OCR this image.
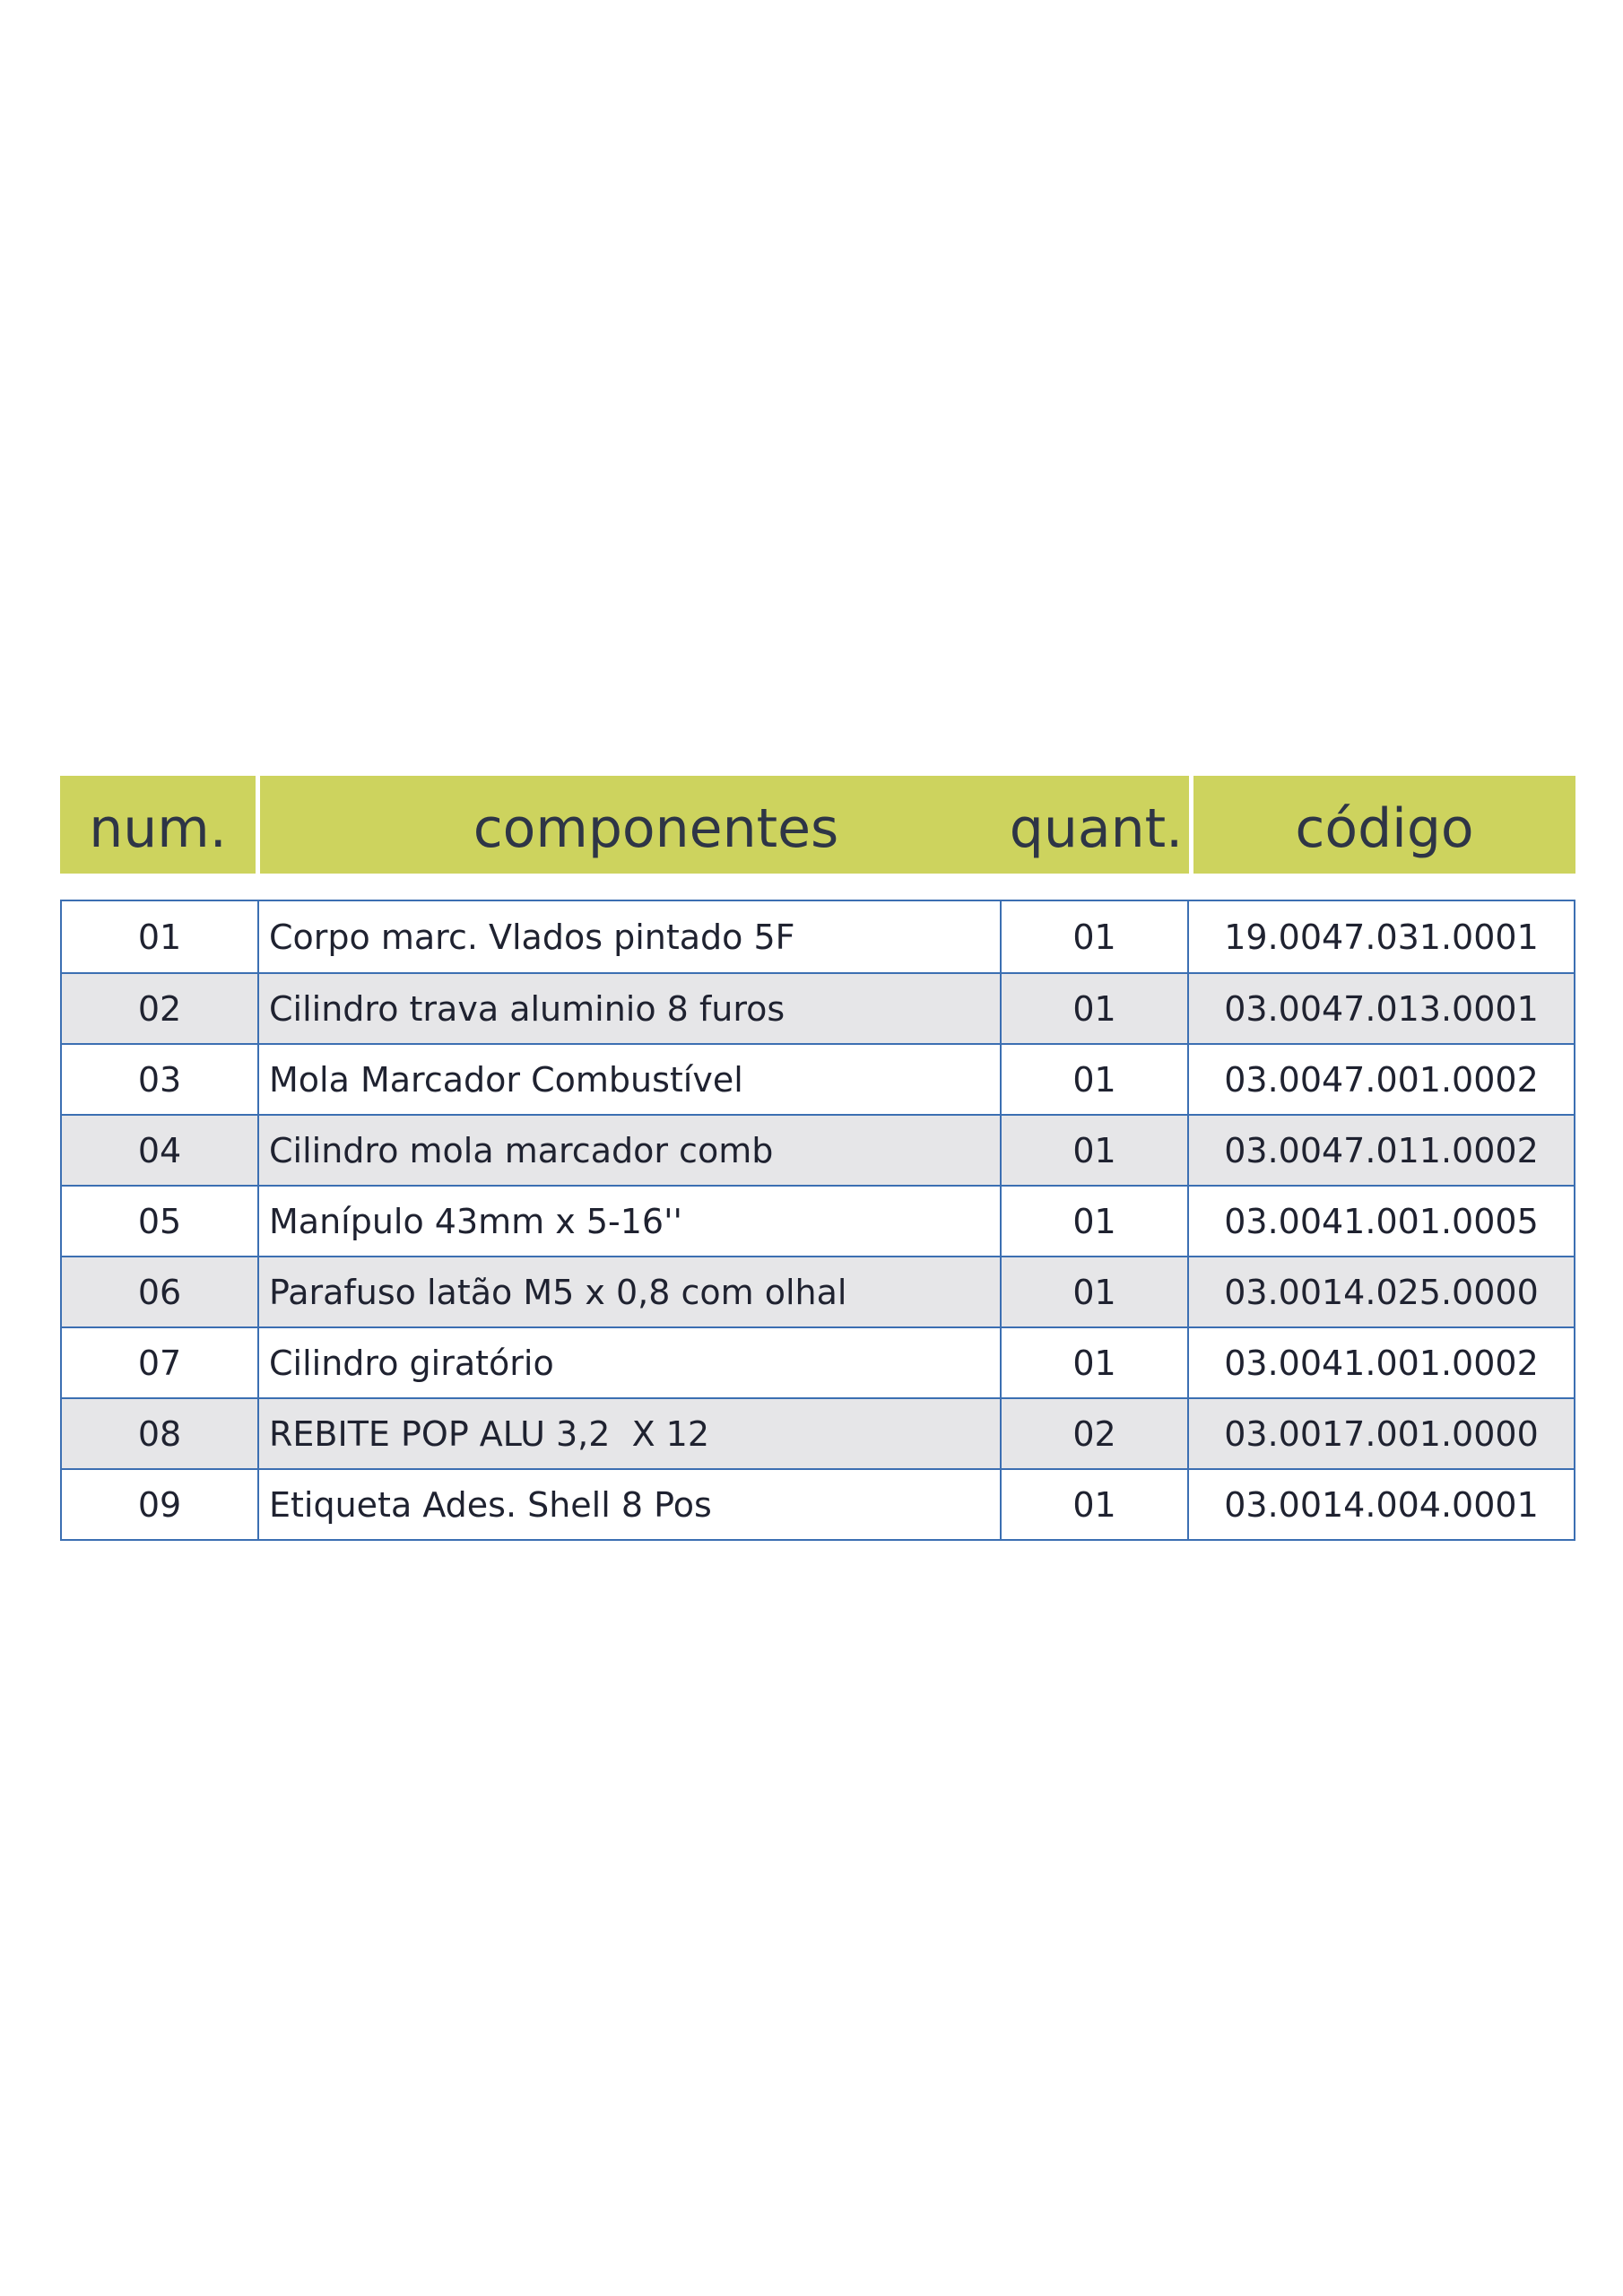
num.	componentes	quant.	código
01	Corpo marc. Vlados pintado 5F	01	19.0047.031.0001
02	Cilindro trava aluminio 8 furos	01	03.0047.013.0001
03	Mola Marcador Combustível	01	03.0047.001.0002
04	Cilindro mola marcador comb	01	03.0047.011.0002
05	Manípulo 43mm x 5-16''	01	03.0041.001.0005
06	Parafuso latão M5 x 0,8 com olhal	01	03.0014.025.0000
07	Cilindro giratório	01	03.0041.001.0002
08	REBITE POP ALU 3,2  X 12	02	03.0017.001.0000
09	Etiqueta Ades. Shell 8 Pos	01	03.0014.004.0001
